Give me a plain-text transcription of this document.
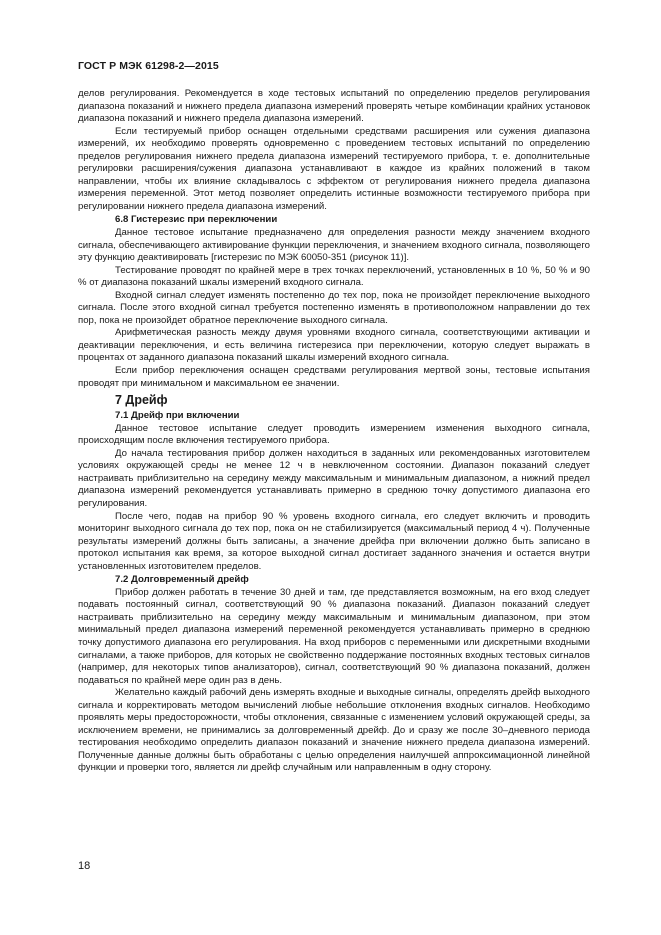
ГОСТ Р МЭК 61298-2—2015

делов регулирования. Рекомендуется в ходе тестовых испытаний по определению пределов регулирования диапазона показаний и нижнего предела диапазона измерений проверять четыре комбинации крайних установок диапазона показаний и нижнего предела диапазона измерений.

Если тестируемый прибор оснащен отдельными средствами расширения или сужения диапазона измерений, их необходимо проверять одновременно с проведением тестовых испытаний по определению пределов регулирования нижнего предела диапазона измерений тестируемого прибора, т. е. дополнительные регулировки расширения/сужения диапазона устанавливают в каждое из крайних положений в таком направлении, чтобы их влияние складывалось с эффектом от регулирования нижнего предела диапазона измерения переменной. Этот метод позволяет определить истинные возможности тестируемого прибора при регулировании нижнего предела диапазона измерений.

6.8 Гистерезис при переключении

Данное тестовое испытание предназначено для определения разности между значением входного сигнала, обеспечивающего активирование функции переключения, и значением входного сигнала, позволяющего эту функцию деактивировать [гистерезис по МЭК 60050-351 (рисунок 11)].

Тестирование проводят по крайней мере в трех точках переключений, установленных в 10 %, 50 % и 90 % от диапазона показаний шкалы измерений входного сигнала.

Входной сигнал следует изменять постепенно до тех пор, пока не произойдет переключение выходного сигнала. После этого входной сигнал требуется постепенно изменять в противоположном направлении до тех пор, пока не произойдет обратное переключение выходного сигнала.

Арифметическая разность между двумя уровнями входного сигнала, соответствующими активации и деактивации переключения, и есть величина гистерезиса при переключении, которую следует выражать в процентах от заданного диапазона показаний шкалы измерений входного сигнала.

Если прибор переключения оснащен средствами регулирования мертвой зоны, тестовые испытания проводят при минимальном и максимальном ее значении.

7 Дрейф
7.1 Дрейф при включении

Данное тестовое испытание следует проводить измерением изменения выходного сигнала, происходящим после включения тестируемого прибора.

До начала тестирования прибор должен находиться в заданных или рекомендованных изготовителем условиях окружающей среды не менее 12 ч в невключенном состоянии. Диапазон показаний следует настраивать приблизительно на середину между максимальным и минимальным диапазоном, а нижний предел диапазона измерений рекомендуется устанавливать примерно в среднюю точку допустимого диапазона его регулирования.

После чего, подав на прибор 90 % уровень входного сигнала, его следует включить и проводить мониторинг выходного сигнала до тех пор, пока он не стабилизируется (максимальный период 4 ч). Полученные результаты измерений должны быть записаны, а значение дрейфа при включении должно быть записано в протокол испытания как время, за которое выходной сигнал достигает заданного значения и остается внутри установленных изготовителем пределов.

7.2 Долговременный дрейф

Прибор должен работать в течение 30 дней и там, где представляется возможным, на его вход следует подавать постоянный сигнал, соответствующий 90 % диапазона показаний. Диапазон показаний следует настраивать приблизительно на середину между максимальным и минимальным диапазоном, при этом минимальный предел диапазона измерений переменной рекомендуется устанавливать примерно в среднюю точку допустимого диапазона его регулирования. На вход приборов с переменными или дискретными входными сигналами, а также приборов, для которых не свойственно поддержание постоянных входных тестовых сигналов (например, для некоторых типов анализаторов), сигнал, соответствующий 90 % диапазона показаний, должен подаваться по крайней мере один раз в день.

Желательно каждый рабочий день измерять входные и выходные сигналы, определять дрейф выходного сигнала и корректировать методом вычислений любые небольшие отклонения входных сигналов. Необходимо проявлять меры предосторожности, чтобы отклонения, связанные с изменением условий окружающей среды, за исключением времени, не принимались за долговременный дрейф. До и сразу же после 30–дневного периода тестирования необходимо определить диапазон показаний и значение нижнего предела диапазона измерений. Полученные данные должны быть обработаны с целью определения наилучшей аппроксимационной линейной функции и проверки того, является ли дрейф случайным или направленным в одну сторону.

18
